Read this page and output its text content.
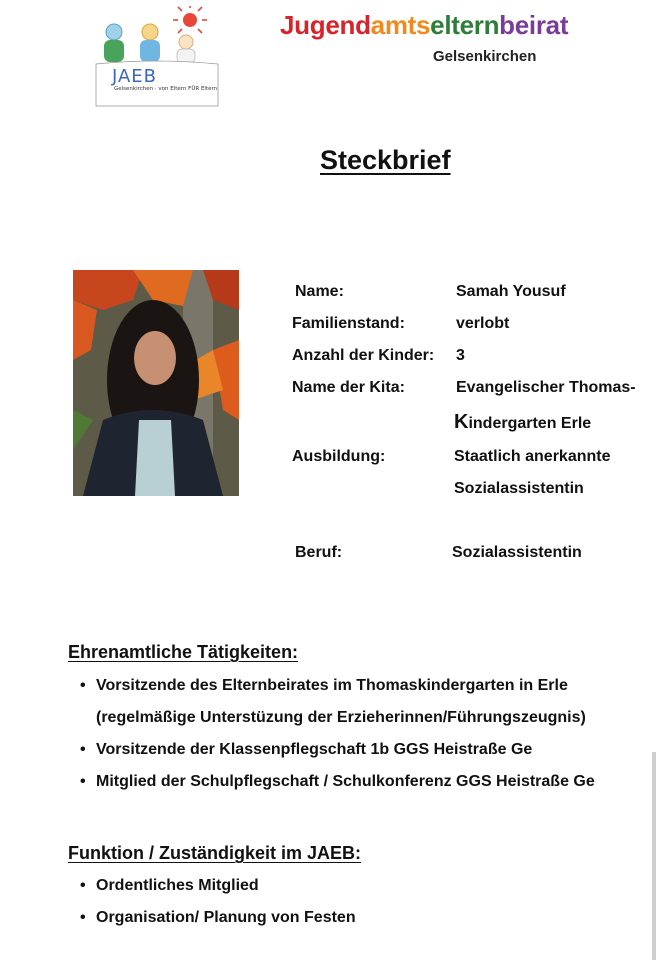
JAEB
Gelsenkirchen · von Eltern FÜR Eltern
Jugendamtselternbeirat
Gelsenkirchen
Steckbrief
Name:	Samah Yousuf
Familienstand:	verlobt
Anzahl der Kinder: 3
Name der Kita:	Evangelischer Thomas-
Kindergarten Erle
Ausbildung:	Staatlich anerkannte
Sozialassistentin
Beruf:	Sozialassistentin
Ehrenamtliche Tätigkeiten:
• Vorsitzende des Elternbeirates im Thomaskindergarten in Erle
(regelmäßige Unterstüzung der Erzieherinnen/Führungszeugnis)
• Vorsitzende der Klassenpflegschaft 1b GGS Heistraße Ge
• Mitglied der Schulpflegschaft / Schulkonferenz GGS Heistraße Ge
Funktion / Zuständigkeit im JAEB:
• Ordentliches Mitglied
• Organisation/ Planung von Festen
